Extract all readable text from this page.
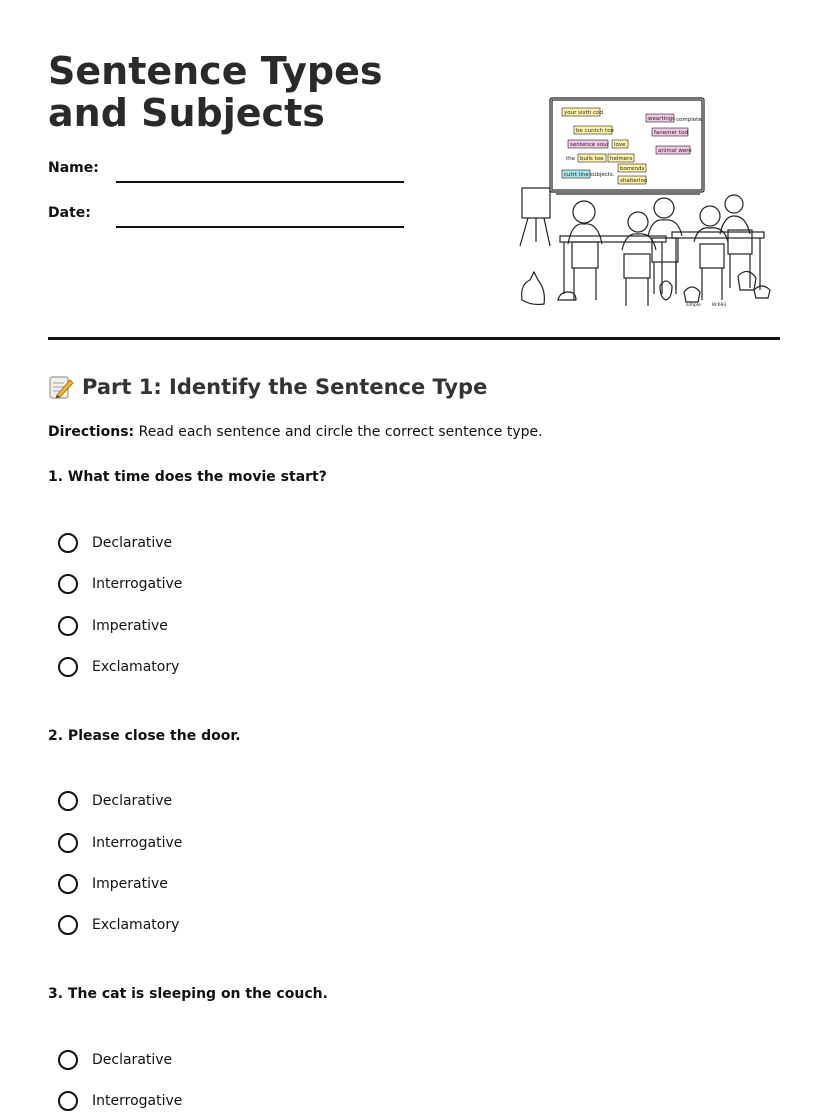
Sentence Types and Subjects
Name:
Date:
your sixth cod
be cuntch toe
sentence sour love
bulls toe helmers
cutrt line
borrends
shalterloo
weartings
fanemer tod
animal were
complete.
the
subjects.
simple W:693
Part 1: Identify the Sentence Type
Directions: Read each sentence and circle the correct sentence type.
1. What time does the movie start?
Declarative
Interrogative
Imperative
Exclamatory
2. Please close the door.
Declarative
Interrogative
Imperative
Exclamatory
3. The cat is sleeping on the couch.
Declarative
Interrogative
